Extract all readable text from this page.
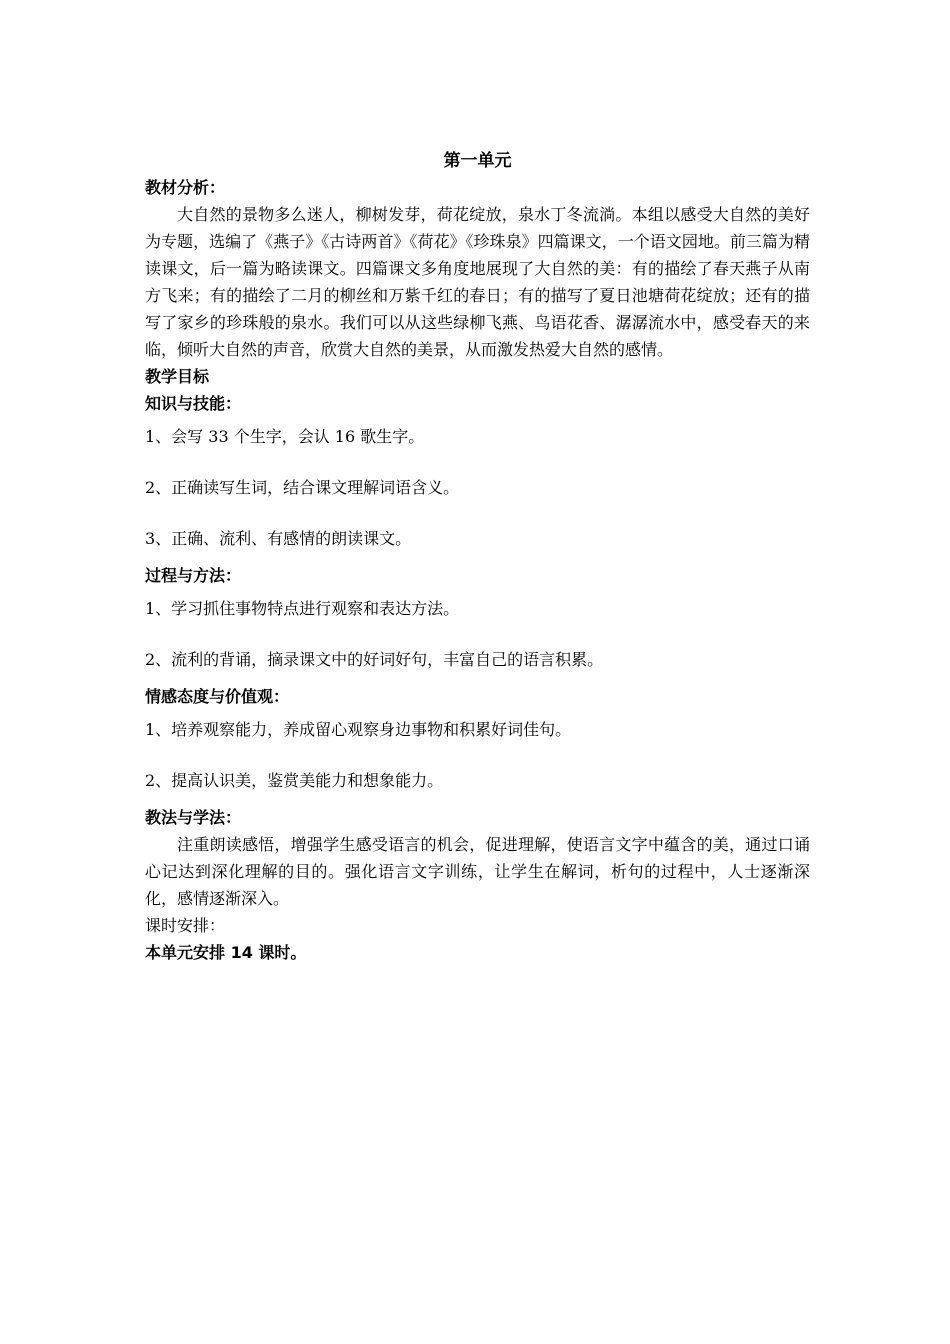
第一单元

教材分析：

大自然的景物多么迷人，柳树发芽，荷花绽放，泉水丁冬流淌。本组以感受大自然的美好为专题，选编了《燕子》《古诗两首》《荷花》《珍珠泉》四篇课文，一个语文园地。前三篇为精读课文，后一篇为略读课文。四篇课文多角度地展现了大自然的美：有的描绘了春天燕子从南方飞来；有的描绘了二月的柳丝和万紫千红的春日；有的描写了夏日池塘荷花绽放；还有的描写了家乡的珍珠般的泉水。我们可以从这些绿柳飞燕、鸟语花香、潺潺流水中，感受春天的来临，倾听大自然的声音，欣赏大自然的美景，从而激发热爱大自然的感情。

教学目标

知识与技能：

1、会写 33 个生字，会认 16 歌生字。

2、正确读写生词，结合课文理解词语含义。

3、正确、流利、有感情的朗读课文。

过程与方法：

1、学习抓住事物特点进行观察和表达方法。

2、流利的背诵，摘录课文中的好词好句，丰富自己的语言积累。

情感态度与价值观：

1、培养观察能力，养成留心观察身边事物和积累好词佳句。

2、提高认识美，鉴赏美能力和想象能力。

教法与学法：

注重朗读感悟，增强学生感受语言的机会，促进理解，使语言文字中蕴含的美，通过口诵心记达到深化理解的目的。强化语言文字训练，让学生在解词，析句的过程中，人士逐渐深化，感情逐渐深入。

课时安排：

本单元安排 14 课时。
